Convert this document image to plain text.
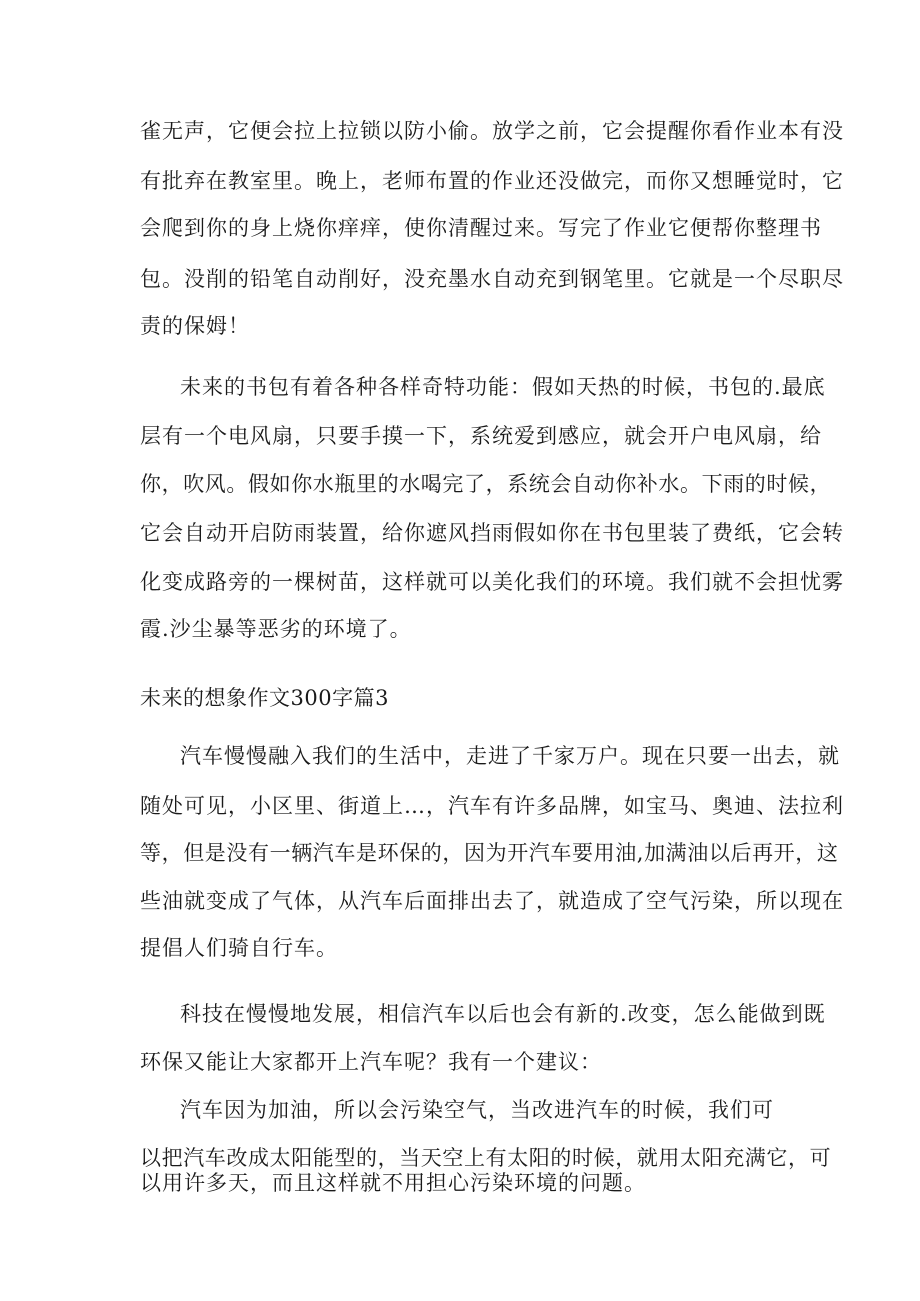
雀无声，它便会拉上拉锁以防小偷。放学之前，它会提醒你看作业本有没
有批弃在教室里。晚上，老师布置的作业还没做完，而你又想睡觉时，它
会爬到你的身上烧你痒痒，使你清醒过来。写完了作业它便帮你整理书
包。没削的铅笔自动削好，没充墨水自动充到钢笔里。它就是一个尽职尽
责的保姆！
未来的书包有着各种各样奇特功能：假如天热的时候，书包的.最底
层有一个电风扇，只要手摸一下，系统爱到感应，就会开户电风扇，给
你，吹风。假如你水瓶里的水喝完了，系统会自动你补水。下雨的时候，
它会自动开启防雨装置，给你遮风挡雨假如你在书包里装了费纸，它会转
化变成路旁的一棵树苗，这样就可以美化我们的环境。我们就不会担忧雾
霞.沙尘暴等恶劣的环境了。
未来的想象作文300字篇3
汽车慢慢融入我们的生活中，走进了千家万户。现在只要一出去，就
随处可见，小区里、街道上…，汽车有许多品牌，如宝马、奥迪、法拉利
等，但是没有一辆汽车是环保的，因为开汽车要用油,加满油以后再开，这
些油就变成了气体，从汽车后面排出去了，就造成了空气污染，所以现在
提倡人们骑自行车。
科技在慢慢地发展，相信汽车以后也会有新的.改变，怎么能做到既
环保又能让大家都开上汽车呢？我有一个建议：
汽车因为加油，所以会污染空气，当改进汽车的时候，我们可
以把汽车改成太阳能型的，当天空上有太阳的时候，就用太阳充满它，可
以用许多天，而且这样就不用担心污染环境的问题。
